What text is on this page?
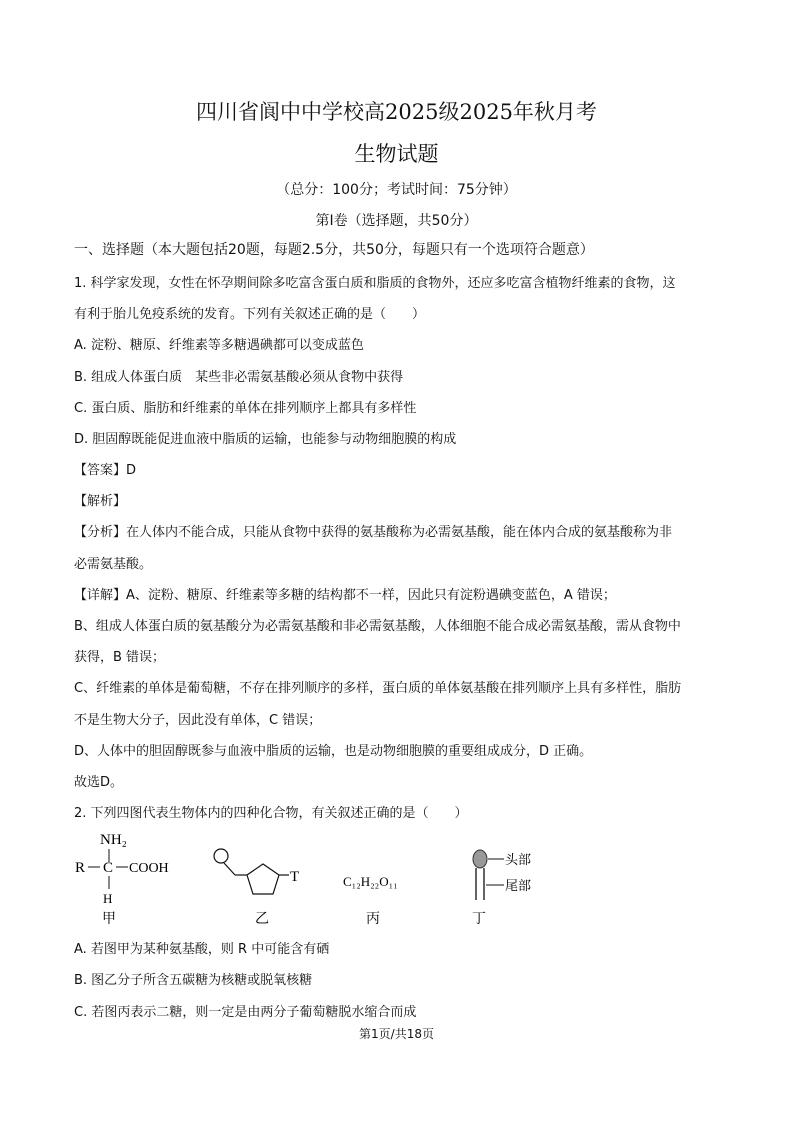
四川省阆中中学校高2025级2025年秋月考
生物试题
（总分：100分；考试时间：75分钟）
第Ⅰ卷（选择题，共50分）
一、选择题（本大题包括20题，每题2.5分，共50分，每题只有一个选项符合题意）
1. 科学家发现，女性在怀孕期间除多吃富含蛋白质和脂质的食物外，还应多吃富含植物纤维素的食物，这
有利于胎儿免疫系统的发育。下列有关叙述正确的是（　　）
A. 淀粉、糖原、纤维素等多糖遇碘都可以变成蓝色
B. 组成人体蛋白质　某些非必需氨基酸必须从食物中获得
C. 蛋白质、脂肪和纤维素的单体在排列顺序上都具有多样性
D. 胆固醇既能促进血液中脂质的运输，也能参与动物细胞膜的构成
【答案】D
【解析】
【分析】在人体内不能合成，只能从食物中获得的氨基酸称为必需氨基酸，能在体内合成的氨基酸称为非
必需氨基酸。
【详解】A、淀粉、糖原、纤维素等多糖的结构都不一样，因此只有淀粉遇碘变蓝色，A 错误；
B、组成人体蛋白质的氨基酸分为必需氨基酸和非必需氨基酸，人体细胞不能合成必需氨基酸，需从食物中
获得，B 错误；
C、纤维素的单体是葡萄糖，不存在排列顺序的多样，蛋白质的单体氨基酸在排列顺序上具有多样性，脂肪
不是生物大分子，因此没有单体，C 错误；
D、人体中的胆固醇既参与血液中脂质的运输，也是动物细胞膜的重要组成成分，D 正确。
故选D。
2. 下列四图代表生物体内的四种化合物，有关叙述正确的是（　　）
NH₂
R C COOH
H
甲
T
乙
C₁₂H₂₂O₁₁
丙
头部
尾部
丁
A. 若图甲为某种氨基酸，则 R 中可能含有硒
B. 图乙分子所含五碳糖为核糖或脱氧核糖
C. 若图丙表示二糖，则一定是由两分子葡萄糖脱水缩合而成
第1页/共18页
